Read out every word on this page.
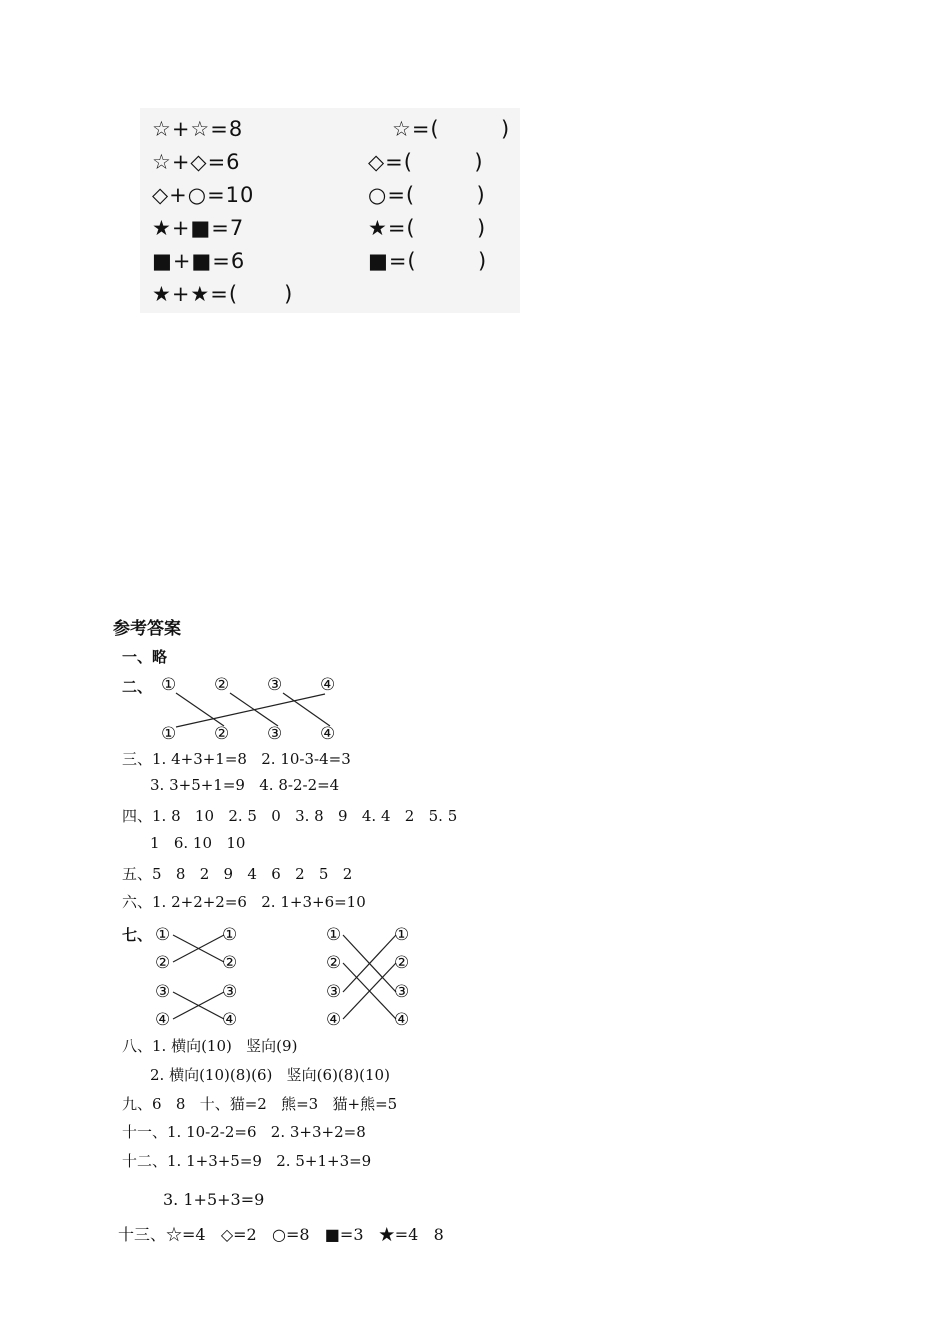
☆+☆=8
☆+◇=6
◇+○=10
★+■=7
■+■=6
★+★=(      )
☆=(        )
◇=(        )
○=(        )
★=(        )
■=(        )
参考答案
一、略
二、 ① ② ③ ④
① ② ③ ④
三、1. 4+3+1=8   2. 10-3-4=3
3. 3+5+1=9   4. 8-2-2=4
四、1. 8   10   2. 5   0   3. 8   9   4. 4   2   5. 5
1   6. 10   10
五、5   8   2   9   4   6   2   5   2
六、1. 2+2+2=6   2. 1+3+6=10
七、 ①
②
③
④
①
②
③
④
①
②
③
④
①
②
③
④
八、1. 横向(10)   竖向(9)
2. 横向(10)(8)(6)   竖向(6)(8)(10)
九、6   8   十、猫=2   熊=3   猫+熊=5
十一、1. 10-2-2=6   2. 3+3+2=8
十二、1. 1+3+5=9   2. 5+1+3=9
3. 1+5+3=9
十三、☆=4   ◇=2   ○=8   ■=3   ★=4   8
